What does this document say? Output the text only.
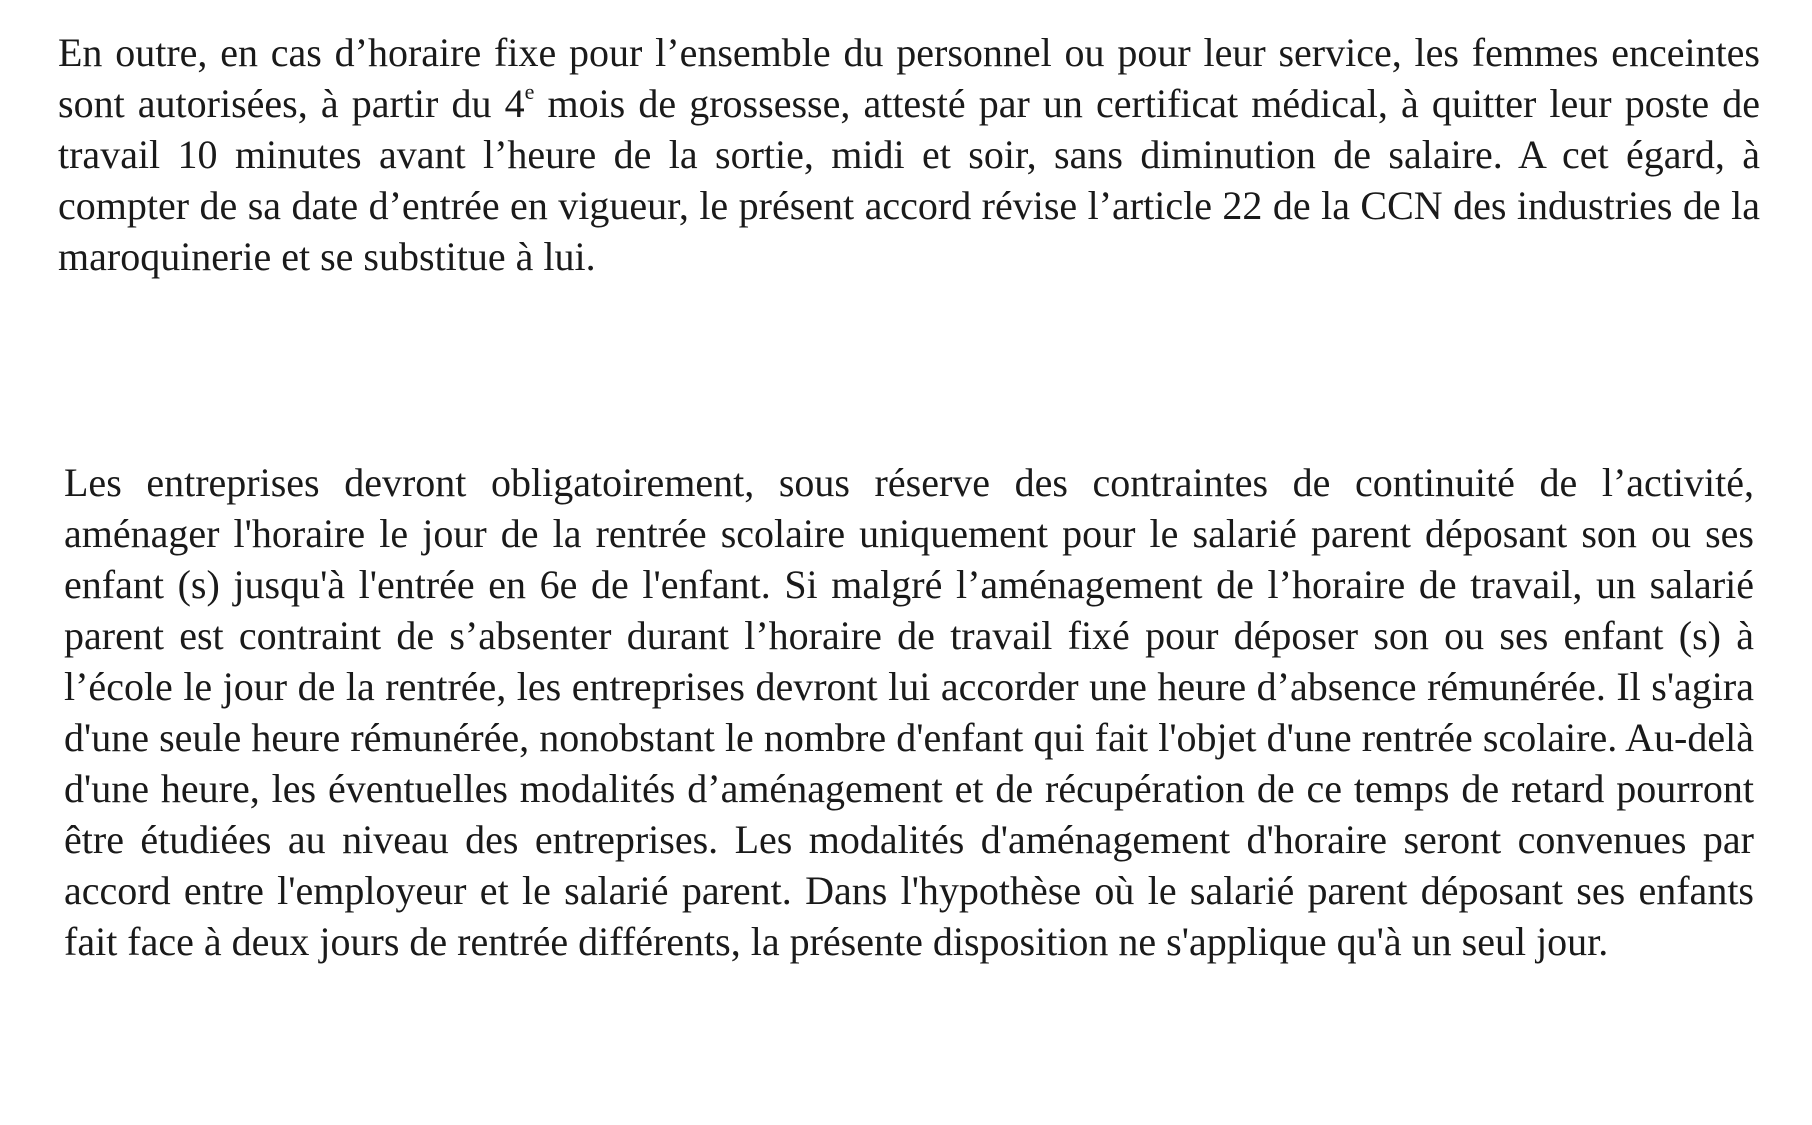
En outre, en cas d’horaire fixe pour l’ensemble du personnel ou pour leur service, les femmes enceintes sont autorisées, à partir du 4e mois de grossesse, attesté par un certificat médical, à quitter leur poste de travail 10 minutes avant l’heure de la sortie, midi et soir, sans diminution de salaire. A cet égard, à compter de sa date d’entrée en vigueur, le présent accord révise l’article 22 de la CCN des industries de la maroquinerie et se substitue à lui.

Les entreprises devront obligatoirement, sous réserve des contraintes de continuité de l’activité, aménager l'horaire le jour de la rentrée scolaire uniquement pour le salarié parent déposant son ou ses enfant (s) jusqu'à l'entrée en 6e de l'enfant. Si malgré l’aménagement de l’horaire de travail, un salarié parent est contraint de s’absenter durant l’horaire de travail fixé pour déposer son ou ses enfant (s) à l’école le jour de la rentrée, les entreprises devront lui accorder une heure d’absence rémunérée. Il s'agira d'une seule heure rémunérée, nonobstant le nombre d'enfant qui fait l'objet d'une rentrée scolaire. Au-delà d'une heure, les éventuelles modalités d’aménagement et de récupération de ce temps de retard pourront être étudiées au niveau des entreprises. Les modalités d'aménagement d'horaire seront convenues par accord entre l'employeur et le salarié parent. Dans l'hypothèse où le salarié parent déposant ses enfants fait face à deux jours de rentrée différents, la présente disposition ne s'applique qu'à un seul jour.
